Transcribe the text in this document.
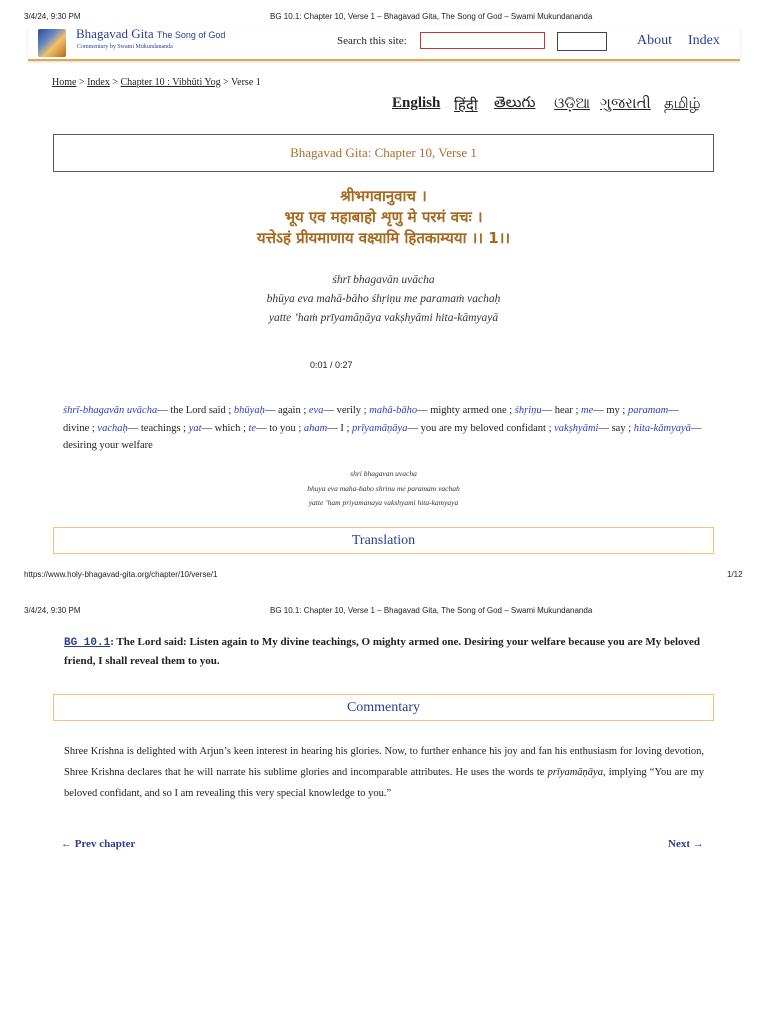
3/4/24, 9:30 PM	BG 10.1: Chapter 10, Verse 1 – Bhagavad Gita, The Song of God – Swami Mukundananda
Bhagavad Gita The Song of God
Commentary by Swami Mukundananda	Search this site:	About Index
Home > Index > Chapter 10 : Vibhūti Yog > Verse 1
English हिंदी తెలుగు ଓଡ଼ିଆ ગુજરાતી தமிழ்
Bhagavad Gita: Chapter 10, Verse 1
श्रीभगवानुवाच ।
भूय एव महाबाहो शृणु मे परमं वचः ।
यत्तेऽहं प्रीयमाणाय वक्ष्यामि हितकाम्यया ।। 1।।
śhrī bhagavān uvācha
bhūya eva mahā-bāho śhṛiṇu me paramaṁ vachaḥ
yatte ’haṁ prīyamāṇāya vakṣhyāmi hita-kāmyayā
0:01 / 0:27
śhrī-bhagavān uvācha— the Lord said ; bhūyaḥ— again ; eva— verily ; mahā-bāho— mighty armed one ; śhṛiṇu— hear ; me— my ; paramam— divine ; vachaḥ— teachings ; yat— which ; te— to you ; aham— I ; prīyamāṇāya— you are my beloved confidant ; vakṣhyāmi— say ; hita-kāmyayā— desiring your welfare
shri bhagavan uvacha
bhuya eva maha-baho shrinu me paramam vachah
yatte ’ham priyamanaya vakshyami hita-kamyaya
Translation
https://www.holy-bhagavad-gita.org/chapter/10/verse/1	1/12
3/4/24, 9:30 PM	BG 10.1: Chapter 10, Verse 1 – Bhagavad Gita, The Song of God – Swami Mukundananda
BG 10.1: The Lord said: Listen again to My divine teachings, O mighty armed one. Desiring your welfare because you are My beloved friend, I shall reveal them to you.
Commentary
Shree Krishna is delighted with Arjun’s keen interest in hearing his glories. Now, to further enhance his joy and fan his enthusiasm for loving devotion, Shree Krishna declares that he will narrate his sublime glories and incomparable attributes. He uses the words te prīyamāṇāya, implying “You are my beloved confidant, and so I am revealing this very special knowledge to you.”
← Prev chapter	Next →
